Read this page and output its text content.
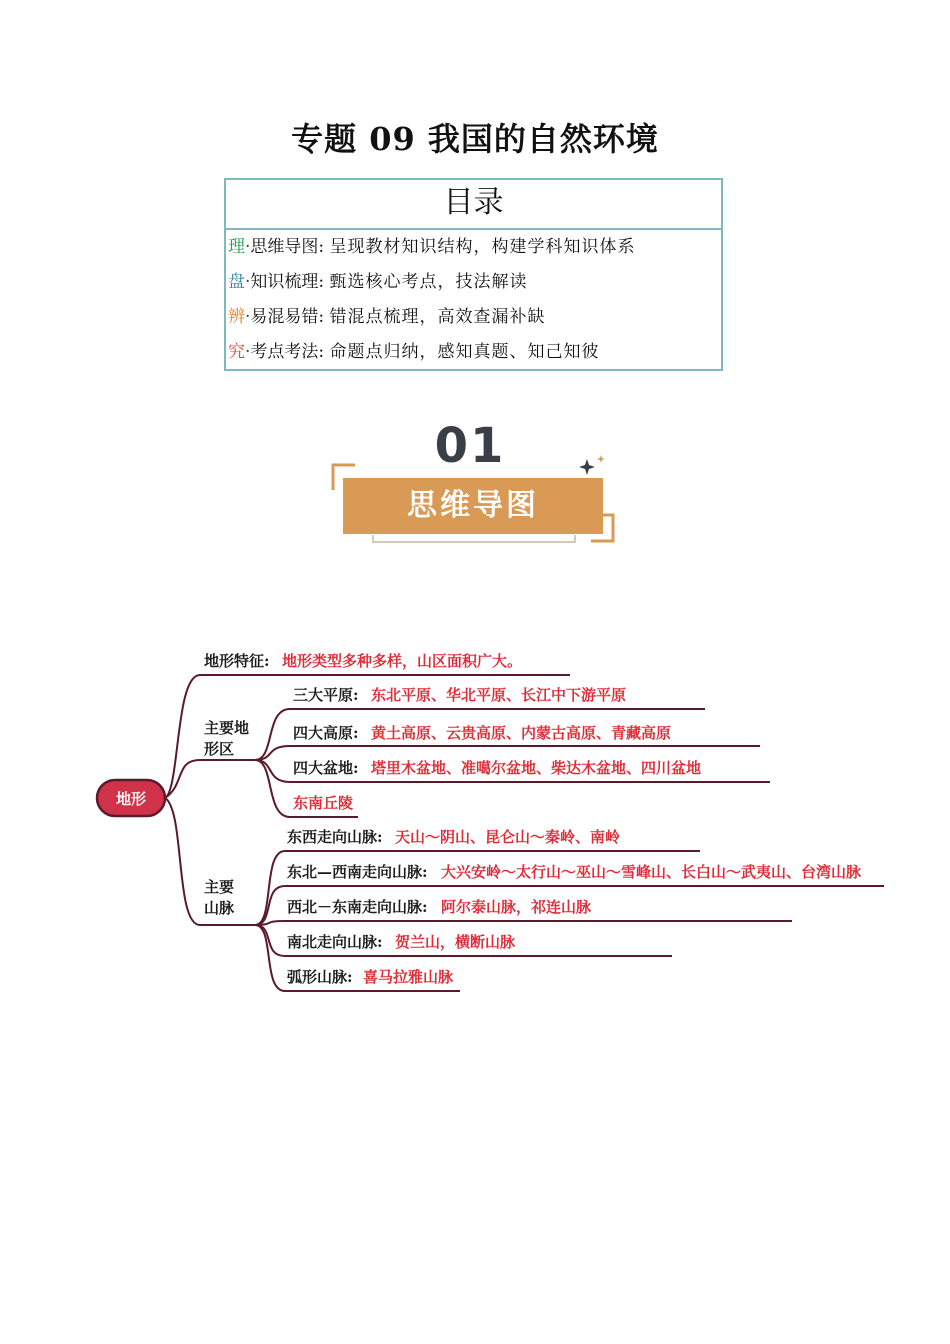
专题 09 我国的自然环境
目录
理·思维导图: 呈现教材知识结构，构建学科知识体系
盘·知识梳理: 甄选核心考点，技法解读
辨·易混易错: 错混点梳理，高效查漏补缺
究·考点考法: 命题点归纳，感知真题、知己知彼
01
思维导图
地形
地形特征: 地形类型多种多样，山区面积广大。
主要地
形区
三大平原: 东北平原、华北平原、长江中下游平原
四大高原: 黄土高原、云贵高原、内蒙古高原、青藏高原
四大盆地: 塔里木盆地、准噶尔盆地、柴达木盆地、四川盆地
东南丘陵
主要
山脉
东西走向山脉: 天山～阴山、昆仑山～秦岭、南岭
东北—西南走向山脉: 大兴安岭～太行山～巫山～雪峰山、长白山～武夷山、台湾山脉
西北－东南走向山脉: 阿尔泰山脉，祁连山脉
南北走向山脉: 贺兰山，横断山脉
弧形山脉: 喜马拉雅山脉
